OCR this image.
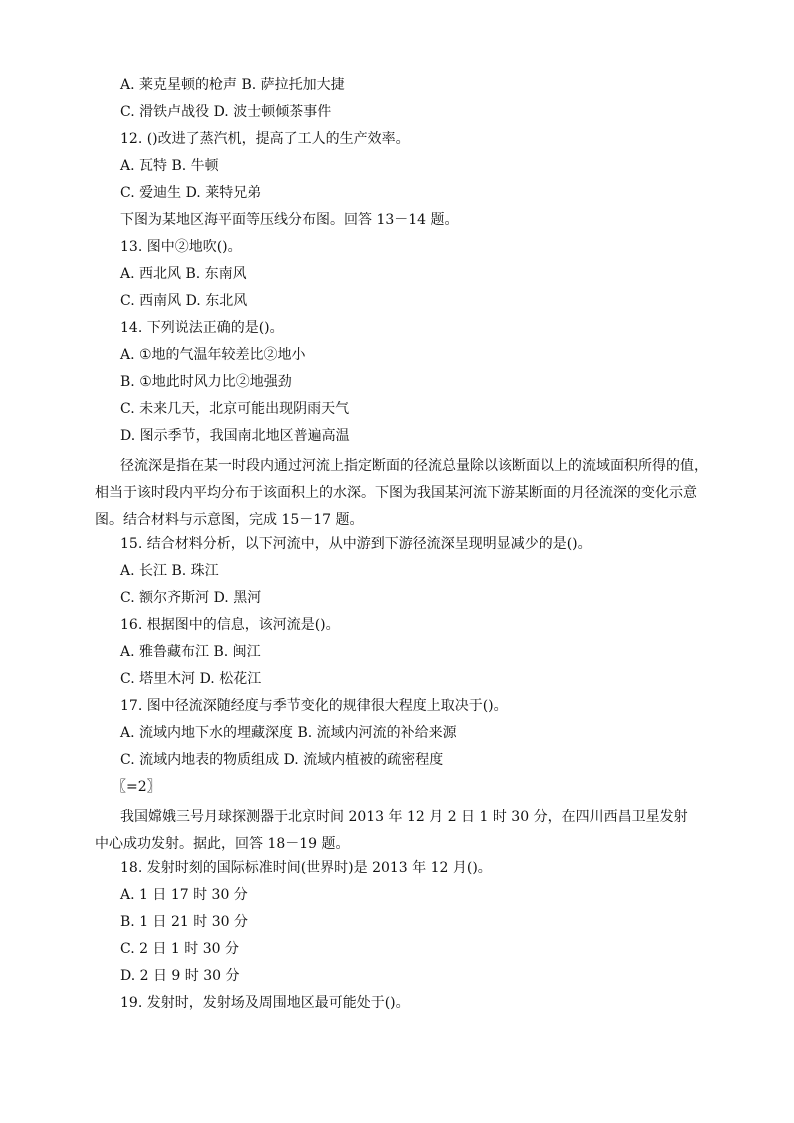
A. 莱克星顿的枪声 B. 萨拉托加大捷
C. 滑铁卢战役 D. 波士顿倾茶事件
12. ()改进了蒸汽机，提高了工人的生产效率。
A. 瓦特 B. 牛顿
C. 爱迪生 D. 莱特兄弟
下图为某地区海平面等压线分布图。回答 13－14 题。
13. 图中②地吹()。
A. 西北风 B. 东南风
C. 西南风 D. 东北风
14. 下列说法正确的是()。
A. ①地的气温年较差比②地小
B. ①地此时风力比②地强劲
C. 未来几天，北京可能出现阴雨天气
D. 图示季节，我国南北地区普遍高温
径流深是指在某一时段内通过河流上指定断面的径流总量除以该断面以上的流域面积所得的值，相当于该时段内平均分布于该面积上的水深。下图为我国某河流下游某断面的月径流深的变化示意图。结合材料与示意图，完成 15－17 题。
15. 结合材料分析，以下河流中，从中游到下游径流深呈现明显减少的是()。
A. 长江 B. 珠江
C. 额尔齐斯河 D. 黑河
16. 根据图中的信息，该河流是()。
A. 雅鲁藏布江 B. 闽江
C. 塔里木河 D. 松花江
17. 图中径流深随经度与季节变化的规律很大程度上取决于()。
A. 流域内地下水的埋藏深度 B. 流域内河流的补给来源
C. 流域内地表的物质组成 D. 流域内植被的疏密程度
〖=2〗
我国嫦娥三号月球探测器于北京时间 2013 年 12 月 2 日 1 时 30 分，在四川西昌卫星发射中心成功发射。据此，回答 18－19 题。
18. 发射时刻的国际标准时间(世界时)是 2013 年 12 月()。
A. 1 日 17 时 30 分
B. 1 日 21 时 30 分
C. 2 日 1 时 30 分
D. 2 日 9 时 30 分
19. 发射时，发射场及周围地区最可能处于()。
